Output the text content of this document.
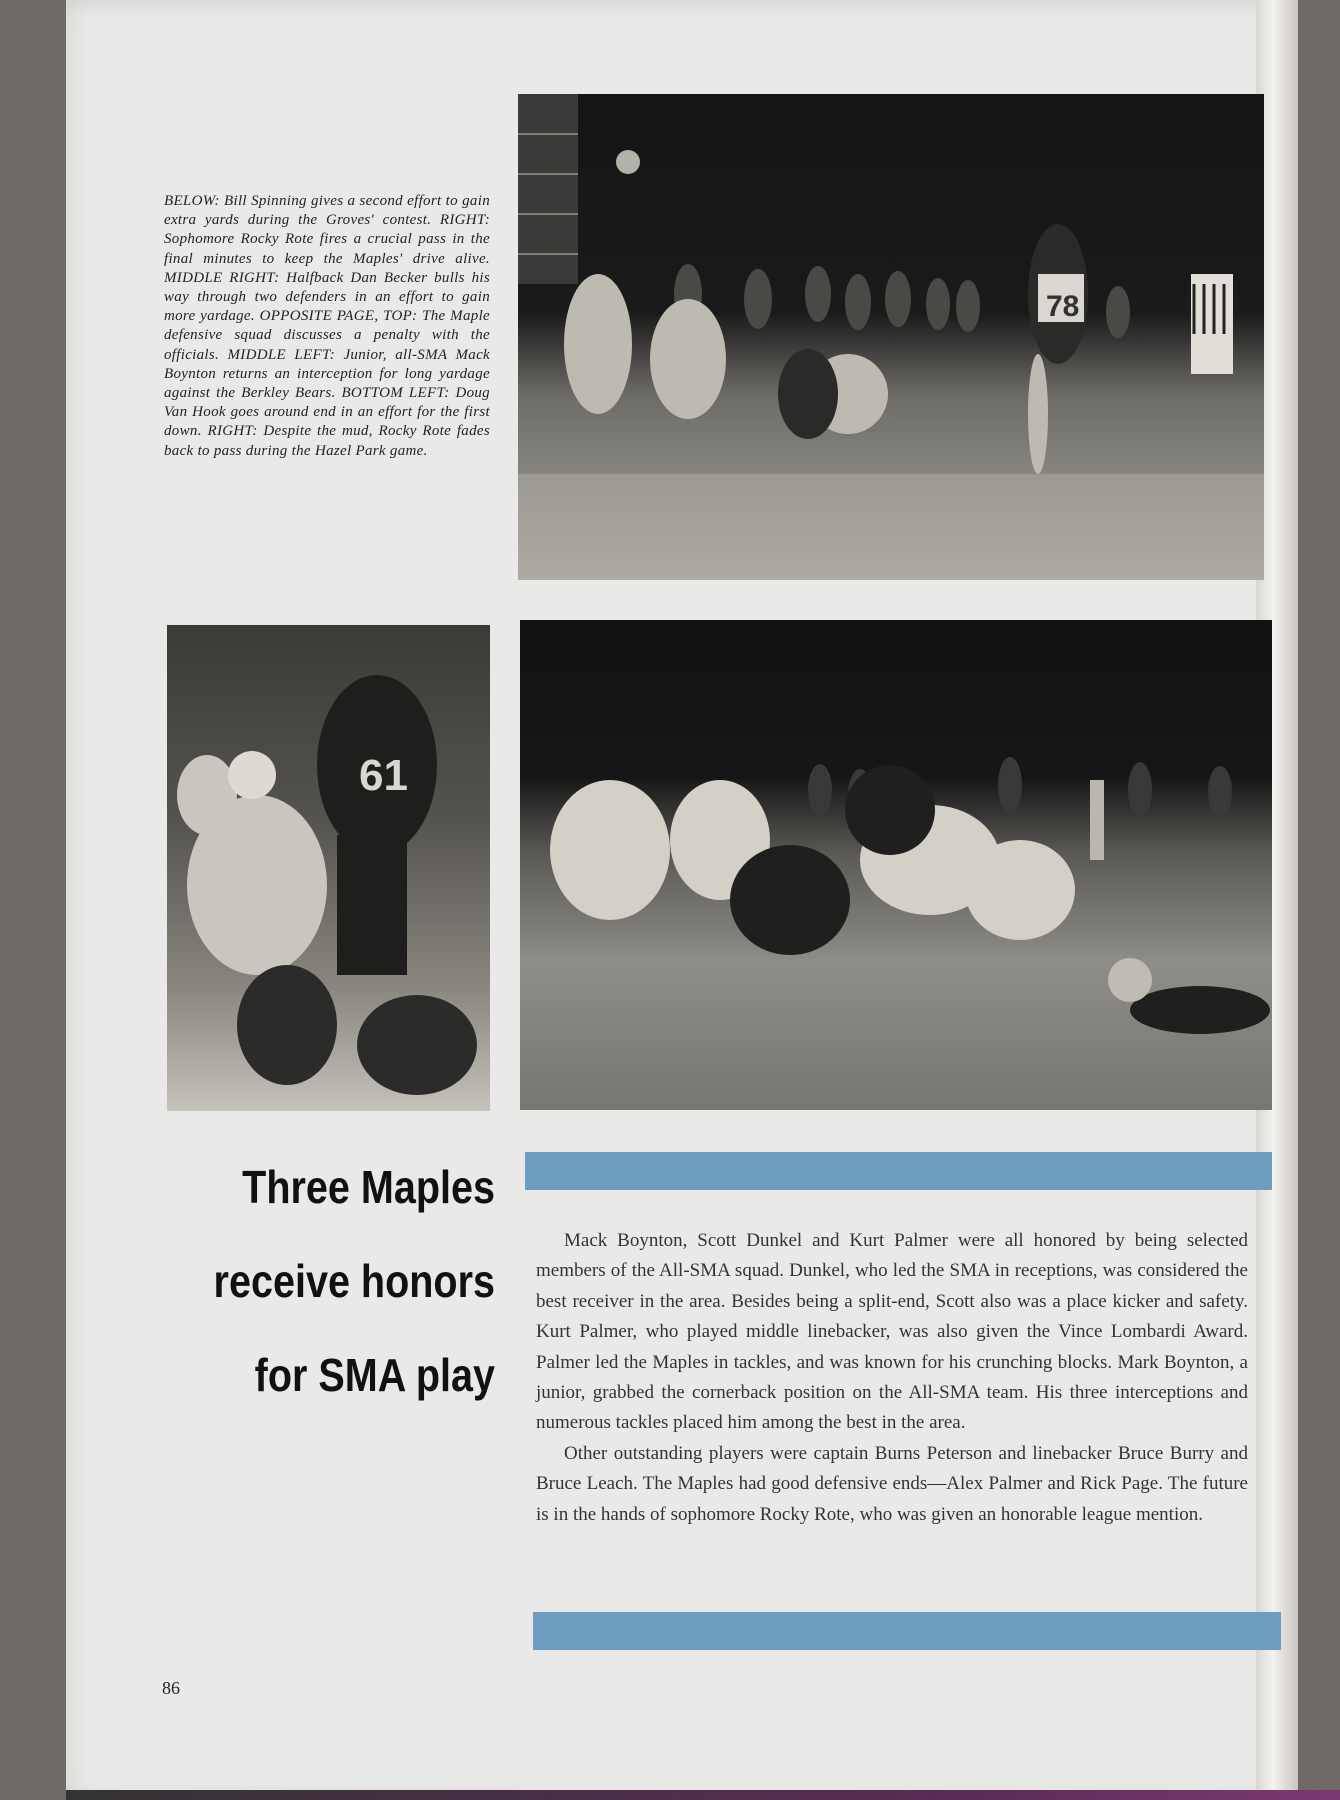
BELOW: Bill Spinning gives a second effort to gain extra yards during the Groves' contest. RIGHT: Sophomore Rocky Rote fires a crucial pass in the final minutes to keep the Maples' drive alive. MIDDLE RIGHT: Halfback Dan Becker bulls his way through two defenders in an effort to gain more yardage. OPPOSITE PAGE, TOP: The Maple defensive squad discusses a penalty with the officials. MIDDLE LEFT: Junior, all-SMA Mack Boynton returns an interception for long yardage against the Berkley Bears. BOTTOM LEFT: Doug Van Hook goes around end in an effort for the first down. RIGHT: Despite the mud, Rocky Rote fades back to pass during the Hazel Park game.

78
61
Three Maples
receive honors
for SMA play

Mack Boynton, Scott Dunkel and Kurt Palmer were all honored by being selected members of the All-SMA squad. Dunkel, who led the SMA in receptions, was considered the best receiver in the area. Besides being a split-end, Scott also was a place kicker and safety. Kurt Palmer, who played middle linebacker, was also given the Vince Lombardi Award. Palmer led the Maples in tackles, and was known for his crunching blocks. Mark Boynton, a junior, grabbed the cornerback position on the All-SMA team. His three interceptions and numerous tackles placed him among the best in the area.

Other outstanding players were captain Burns Peterson and linebacker Bruce Burry and Bruce Leach. The Maples had good defensive ends—Alex Palmer and Rick Page. The future is in the hands of sophomore Rocky Rote, who was given an honorable league mention.

86
